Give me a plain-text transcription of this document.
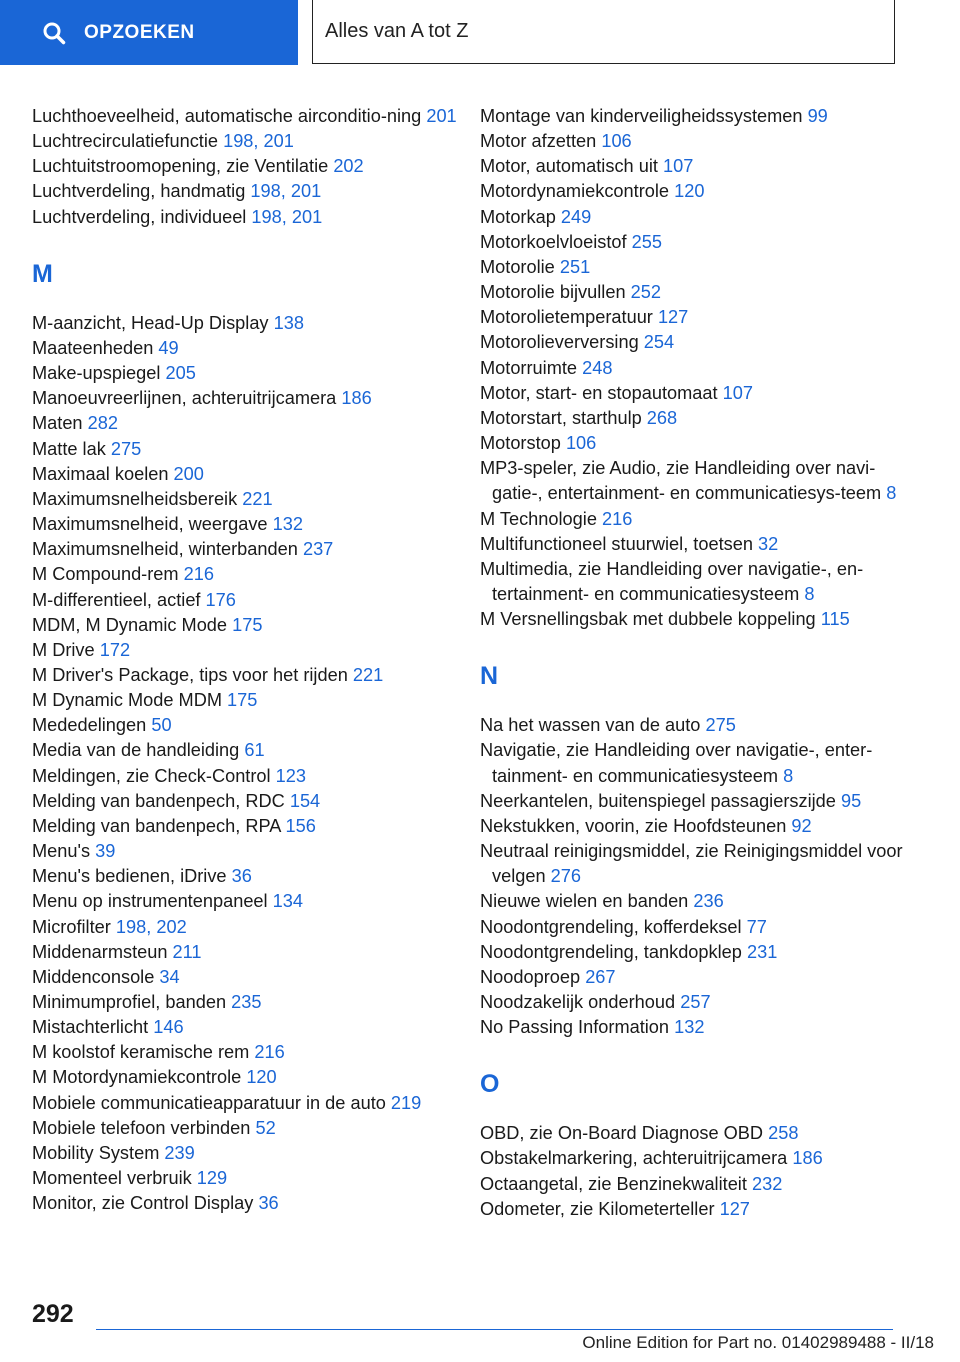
OPZOEKEN	Alles van A tot Z
Luchthoeveelheid, automatische airconditio‐ning 201
Luchtrecirculatiefunctie 198, 201
Luchtuitstroomopening, zie Ventilatie 202
Luchtverdeling, handmatig 198, 201
Luchtverdeling, individueel 198, 201
M
M-aanzicht, Head-Up Display 138
Maateenheden 49
Make-upspiegel 205
Manoeuvreerlijnen, achteruitrijcamera 186
Maten 282
Matte lak 275
Maximaal koelen 200
Maximumsnelheidsbereik 221
Maximumsnelheid, weergave 132
Maximumsnelheid, winterbanden 237
M Compound-rem 216
M-differentieel, actief 176
MDM, M Dynamic Mode 175
M Drive 172
M Driver's Package, tips voor het rijden 221
M Dynamic Mode MDM 175
Mededelingen 50
Media van de handleiding 61
Meldingen, zie Check-Control 123
Melding van bandenpech, RDC 154
Melding van bandenpech, RPA 156
Menu's 39
Menu's bedienen, iDrive 36
Menu op instrumentenpaneel 134
Microfilter 198, 202
Middenarmsteun 211
Middenconsole 34
Minimumprofiel, banden 235
Mistachterlicht 146
M koolstof keramische rem 216
M Motordynamiekcontrole 120
Mobiele communicatieapparatuur in de auto 219
Mobiele telefoon verbinden 52
Mobility System 239
Momenteel verbruik 129
Monitor, zie Control Display 36
Montage van kinderveiligheidssystemen 99
Motor afzetten 106
Motor, automatisch uit 107
Motordynamiekcontrole 120
Motorkap 249
Motorkoelvloeistof 255
Motorolie 251
Motorolie bijvullen 252
Motorolietemperatuur 127
Motorolieverversing 254
Motorruimte 248
Motor, start- en stopautomaat 107
Motorstart, starthulp 268
Motorstop 106
MP3-speler, zie Audio, zie Handleiding over navi‐gatie-, entertainment- en communicatiesys‐teem 8
M Technologie 216
Multifunctioneel stuurwiel, toetsen 32
Multimedia, zie Handleiding over navigatie-, en‐tertainment- en communicatiesysteem 8
M Versnellingsbak met dubbele koppeling 115
N
Na het wassen van de auto 275
Navigatie, zie Handleiding over navigatie-, enter‐tainment- en communicatiesysteem 8
Neerkantelen, buitenspiegel passagierszijde 95
Nekstukken, voorin, zie Hoofdsteunen 92
Neutraal reinigingsmiddel, zie Reinigingsmiddel voor velgen 276
Nieuwe wielen en banden 236
Noodontgrendeling, kofferdeksel 77
Noodontgrendeling, tankdopklep 231
Noodoproep 267
Noodzakelijk onderhoud 257
No Passing Information 132
O
OBD, zie On-Board Diagnose OBD 258
Obstakelmarkering, achteruitrijcamera 186
Octaangetal, zie Benzinekwaliteit 232
Odometer, zie Kilometerteller 127
292
Online Edition for Part no. 01402989488 - II/18
